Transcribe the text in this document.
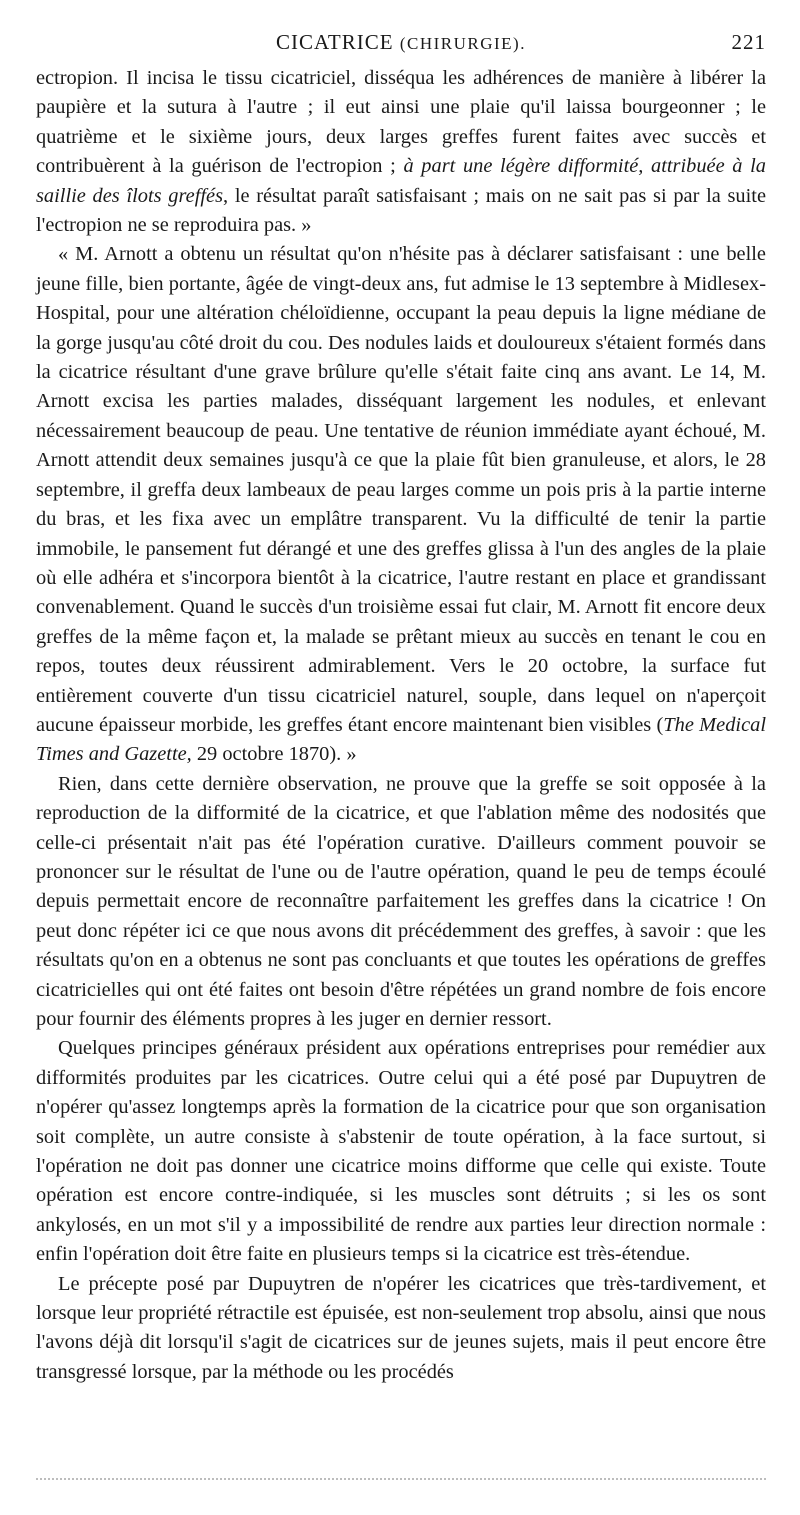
CICATRICE (CHIRURGIE).	221

ectropion. Il incisa le tissu cicatriciel, disséqua les adhérences de manière à libérer la paupière et la sutura à l'autre ; il eut ainsi une plaie qu'il laissa bourgeonner ; le quatrième et le sixième jours, deux larges greffes furent faites avec succès et contribuèrent à la guérison de l'ectropion ; à part une légère difformité, attribuée à la saillie des îlots greffés, le résultat paraît satisfaisant ; mais on ne sait pas si par la suite l'ectropion ne se reproduira pas. »

« M. Arnott a obtenu un résultat qu'on n'hésite pas à déclarer satisfaisant : une belle jeune fille, bien portante, âgée de vingt-deux ans, fut admise le 13 septembre à Midlesex-Hospital, pour une altération chéloïdienne, occupant la peau depuis la ligne médiane de la gorge jusqu'au côté droit du cou. Des nodules laids et douloureux s'étaient formés dans la cicatrice résultant d'une grave brûlure qu'elle s'était faite cinq ans avant. Le 14, M. Arnott excisa les parties malades, disséquant largement les nodules, et enlevant nécessairement beaucoup de peau. Une tentative de réunion immédiate ayant échoué, M. Arnott attendit deux semaines jusqu'à ce que la plaie fût bien granuleuse, et alors, le 28 septembre, il greffa deux lambeaux de peau larges comme un pois pris à la partie interne du bras, et les fixa avec un emplâtre transparent. Vu la difficulté de tenir la partie immobile, le pansement fut dérangé et une des greffes glissa à l'un des angles de la plaie où elle adhéra et s'incorpora bientôt à la cicatrice, l'autre restant en place et grandissant convenablement. Quand le succès d'un troisième essai fut clair, M. Arnott fit encore deux greffes de la même façon et, la malade se prêtant mieux au succès en tenant le cou en repos, toutes deux réussirent admirablement. Vers le 20 octobre, la surface fut entièrement couverte d'un tissu cicatriciel naturel, souple, dans lequel on n'aperçoit aucune épaisseur morbide, les greffes étant encore maintenant bien visibles (The Medical Times and Gazette, 29 octobre 1870). »

Rien, dans cette dernière observation, ne prouve que la greffe se soit opposée à la reproduction de la difformité de la cicatrice, et que l'ablation même des nodosités que celle-ci présentait n'ait pas été l'opération curative. D'ailleurs comment pouvoir se prononcer sur le résultat de l'une ou de l'autre opération, quand le peu de temps écoulé depuis permettait encore de reconnaître parfaitement les greffes dans la cicatrice ! On peut donc répéter ici ce que nous avons dit précédemment des greffes, à savoir : que les résultats qu'on en a obtenus ne sont pas concluants et que toutes les opérations de greffes cicatricielles qui ont été faites ont besoin d'être répétées un grand nombre de fois encore pour fournir des éléments propres à les juger en dernier ressort.

Quelques principes généraux président aux opérations entreprises pour remédier aux difformités produites par les cicatrices. Outre celui qui a été posé par Dupuytren de n'opérer qu'assez longtemps après la formation de la cicatrice pour que son organisation soit complète, un autre consiste à s'abstenir de toute opération, à la face surtout, si l'opération ne doit pas donner une cicatrice moins difforme que celle qui existe. Toute opération est encore contre-indiquée, si les muscles sont détruits ; si les os sont ankylosés, en un mot s'il y a impossibilité de rendre aux parties leur direction normale : enfin l'opération doit être faite en plusieurs temps si la cicatrice est très-étendue.

Le précepte posé par Dupuytren de n'opérer les cicatrices que très-tardivement, et lorsque leur propriété rétractile est épuisée, est non-seulement trop absolu, ainsi que nous l'avons déjà dit lorsqu'il s'agit de cicatrices sur de jeunes sujets, mais il peut encore être transgressé lorsque, par la méthode ou les procédés
